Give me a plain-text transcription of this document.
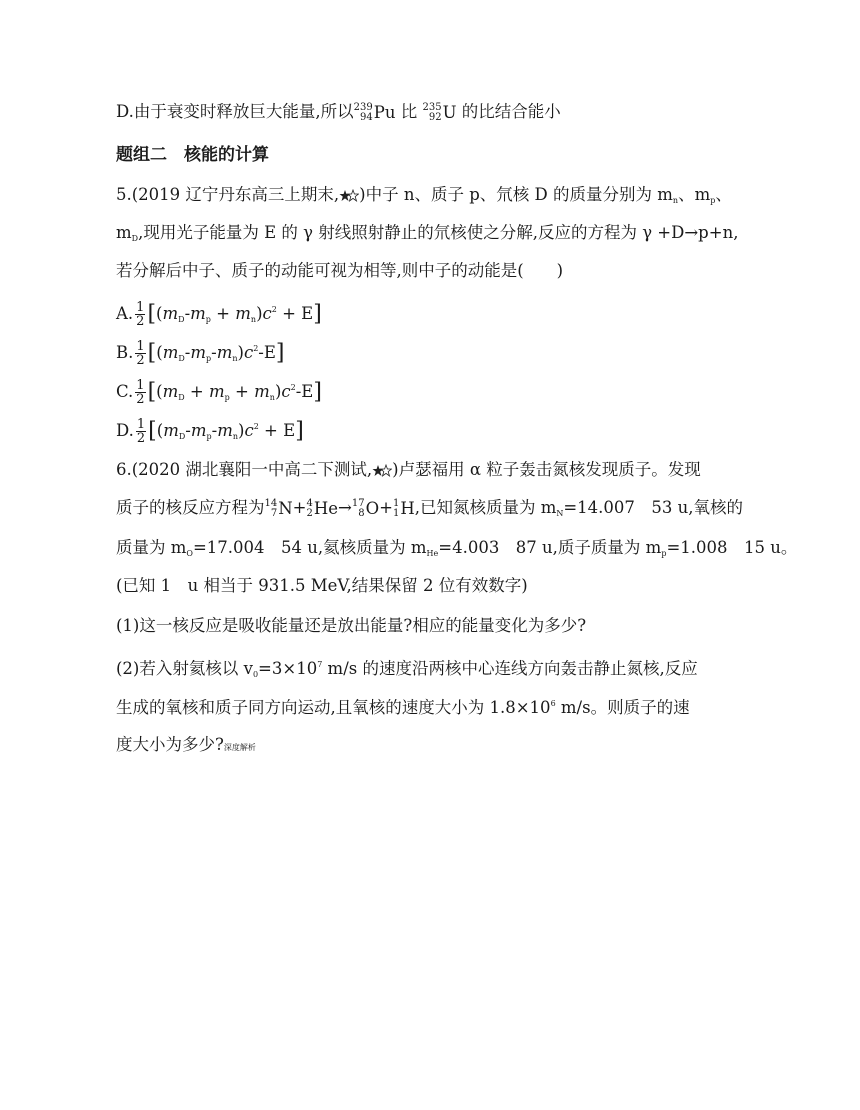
D.由于衰变时释放巨大能量,所以 239
94 Pu 比 235
92 U 的比结合能小
题组二　核能的计算
5.(2019 辽宁丹东高三上期末, )中子 n、质子 p、氘核 D 的质量分别为 $m_n$、$m_p$、
$m_D$,现用光子能量为 E 的 γ 射线照射静止的氘核使之分解,反应的方程为 γ +D→p+n,
若分解后中子、质子的动能可视为相等,则中子的动能是(　　)
A. $\frac{1}{2} [(m_D-m_p + m_n)c^2 + E]$
B. $\frac{1}{2} [(m_D-m_p-m_n)c^2-E]$
C. $\frac{1}{2} [(m_D + m_p + m_n)c^2-E]$
D. $\frac{1}{2} [(m_D-m_p-m_n)c^2 + E]$
6.(2020 湖北襄阳一中高二下测试, )卢瑟福用 α 粒子轰击氮核发现质子。发现
质子的核反应方程为 14
7 N+ 4
2 He→ 17
8 O+ 1
1 H,已知氮核质量为 $m_N=14.007$　53 u,氧核的
质量为 $m_O=17.004$　54 u,氦核质量为 $m_{He}=4.003$　87 u,质子质量为 $m_p=1.008$　15 u。
(已知 1　u 相当于 931.5 MeV,结果保留 2 位有效数字)
(1)这一核反应是吸收能量还是放出能量?相应的能量变化为多少?
(2)若入射氦核以 $v_0=3\times 10^7$ m/s 的速度沿两核中心连线方向轰击静止氮核,反应
生成的氧核和质子同方向运动,且氧核的速度大小为 $1.8\times 10^6$ m/s。则质子的速
度大小为多少?深度解析
